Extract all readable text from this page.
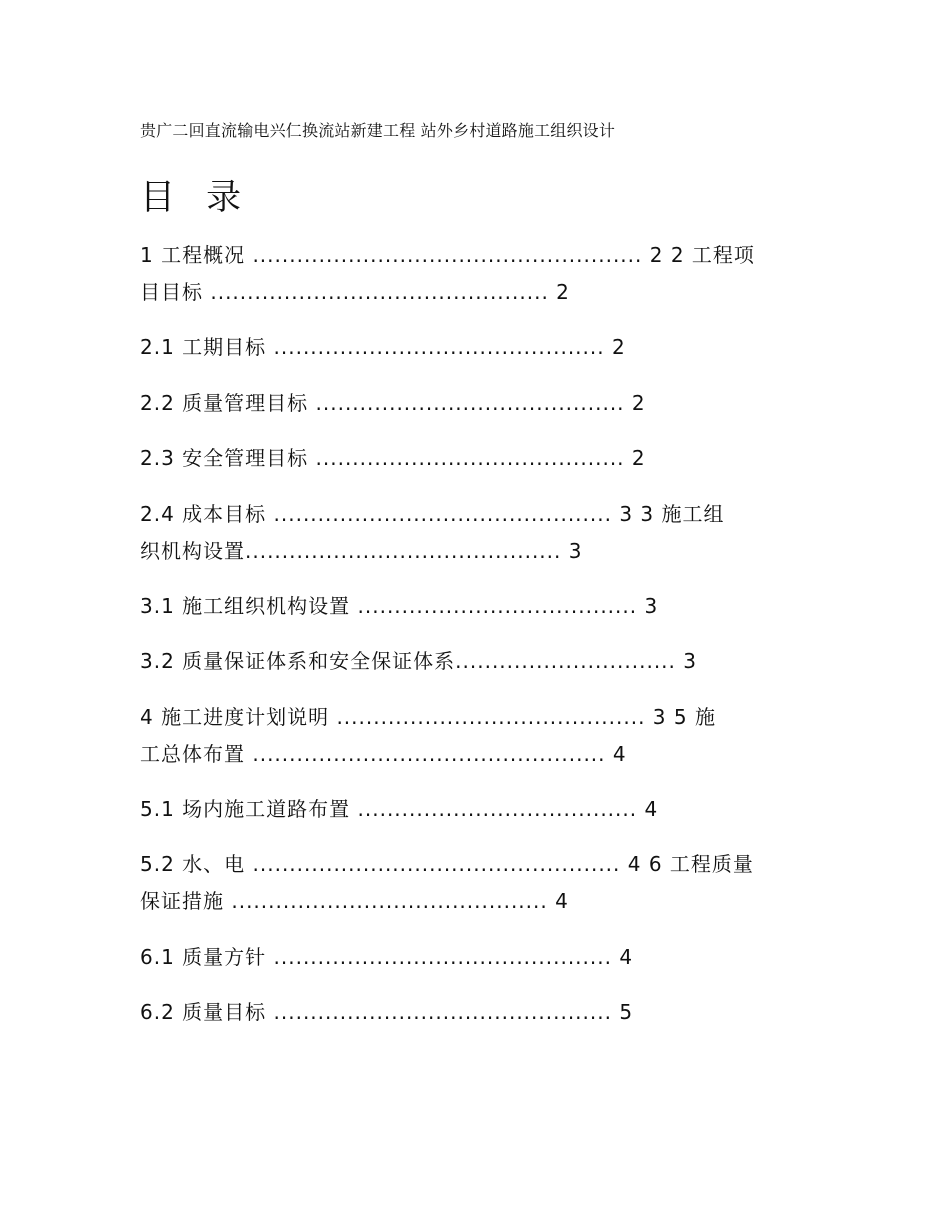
贵广二回直流输电兴仁换流站新建工程 站外乡村道路施工组织设计
目 录
1 工程概况 ..................................................... 2 2 工程项
目目标 .............................................. 2
2.1 工期目标 ............................................. 2
2.2 质量管理目标 .......................................... 2
2.3 安全管理目标 .......................................... 2
2.4 成本目标 .............................................. 3 3 施工组
织机构设置........................................... 3
3.1 施工组织机构设置 ...................................... 3
3.2 质量保证体系和安全保证体系.............................. 3
4 施工进度计划说明 .......................................... 3 5 施
工总体布置 ................................................ 4
5.1 场内施工道路布置 ...................................... 4
5.2 水、电 .................................................. 4 6 工程质量
保证措施 ........................................... 4
6.1 质量方针 .............................................. 4
6.2 质量目标 .............................................. 5
